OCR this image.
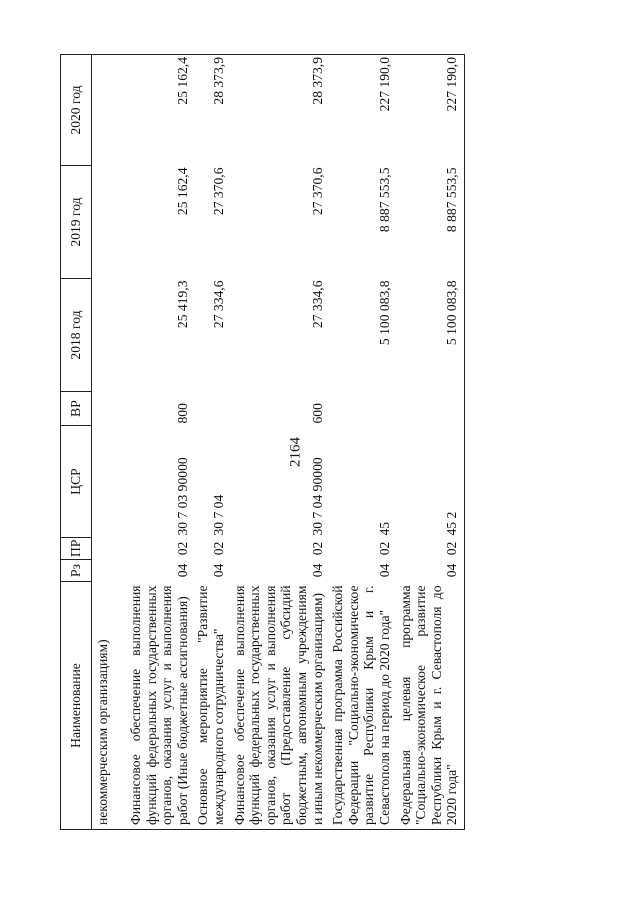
2164
Наименование	Рз	ПР	ЦСР	ВР	2018 год	2019 год	2020 год
некоммерческим организациям)							
Финансовое обеспечение выполнения функций федеральных государственных органов, оказания услуг и выполнения работ (Иные бюджетные ассигнования)	04	02	30 7 03 90000	800	25 419,3	25 162,4	25 162,4
Основное мероприятие "Развитие международного сотрудничества"	04	02	30 7 04		27 334,6	27 370,6	28 373,9
Финансовое обеспечение выполнения функций федеральных государственных органов, оказания услуг и выполнения работ (Предоставление субсидий бюджетным, автономным учреждениям и иным некоммерческим организациям)	04	02	30 7 04 90000	600	27 334,6	27 370,6	28 373,9
Государственная программа Российской Федерации "Социально-экономическое развитие Республики Крым и г. Севастополя на период до 2020 года"	04	02	45		5 100 083,8	8 887 553,5	227 190,0
Федеральная целевая программа "Социально-экономическое развитие Республики Крым и г. Севастополя до 2020 года"	04	02	45 2		5 100 083,8	8 887 553,5	227 190,0
